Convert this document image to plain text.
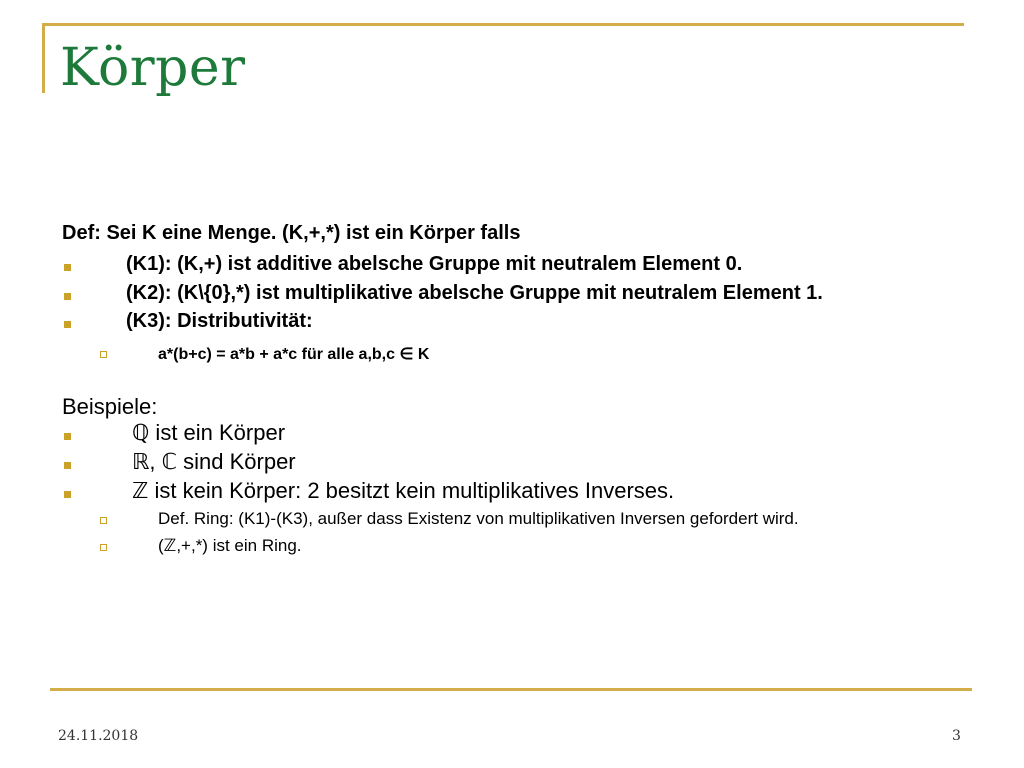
Körper
Def: Sei K eine Menge. (K,+,*) ist ein Körper falls
(K1): (K,+) ist additive abelsche Gruppe mit neutralem Element 0.
(K2): (K\{0},*) ist multiplikative abelsche Gruppe mit neutralem Element 1.
(K3): Distributivität:
a*(b+c) = a*b + a*c für alle a,b,c ∈ K
Beispiele:
ℚ ist ein Körper
ℝ, ℂ sind Körper
ℤ ist kein Körper: 2 besitzt kein multiplikatives Inverses.
Def. Ring: (K1)-(K3), außer dass Existenz von multiplikativen Inversen gefordert wird.
(ℤ,+,*) ist ein Ring.
24.11.2018	3
